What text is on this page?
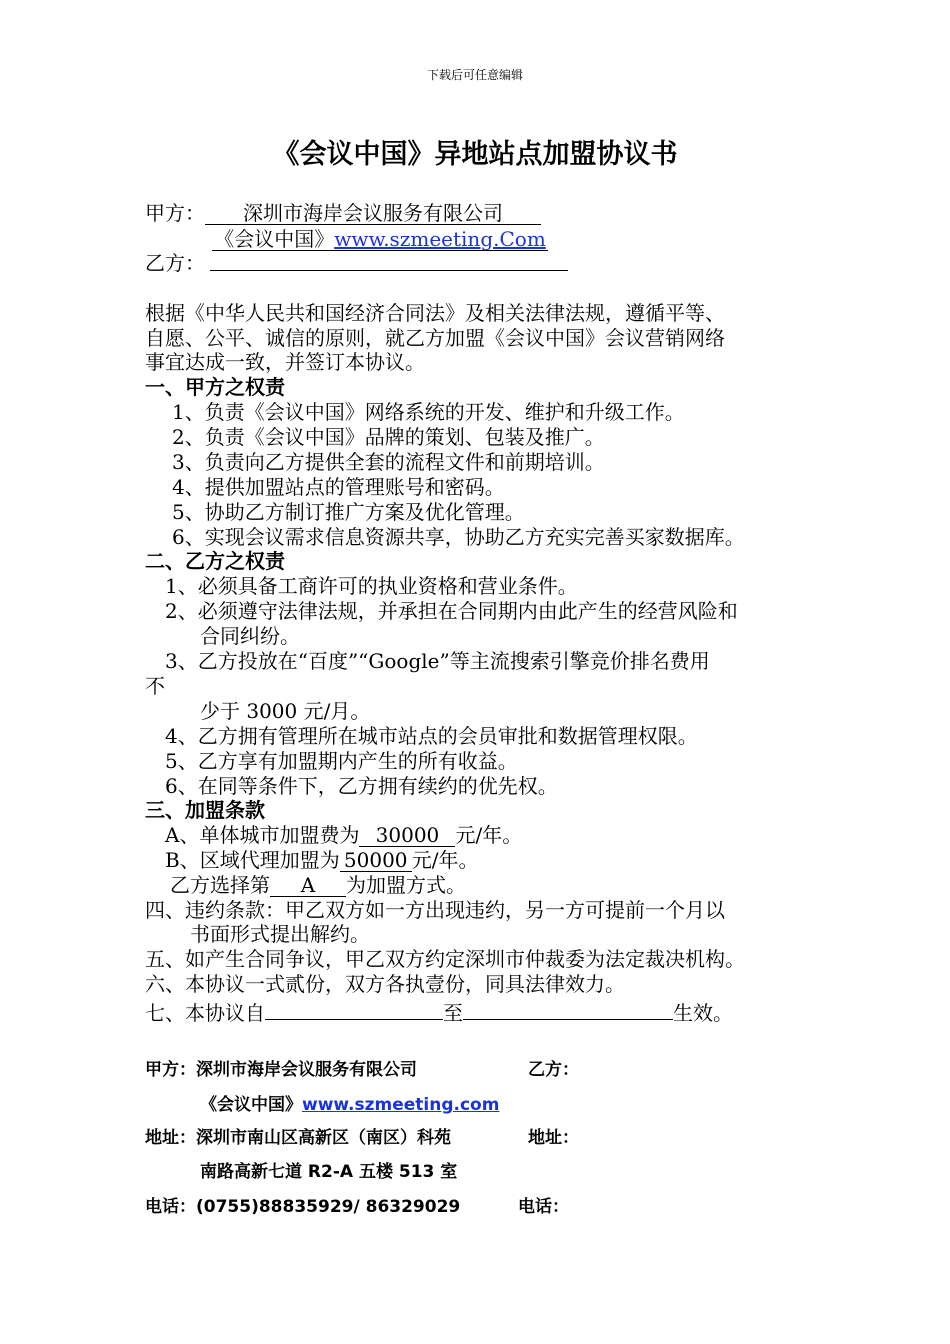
下载后可任意编辑
《会议中国》异地站点加盟协议书
甲方： 深圳市海岸会议服务有限公司
《会议中国》www.szmeeting.Com
乙方：
根据《中华人民共和国经济合同法》及相关法律法规，遵循平等、
自愿、公平、诚信的原则，就乙方加盟《会议中国》会议营销网络
事宜达成一致，并签订本协议。
一、甲方之权责
1、负责《会议中国》网络系统的开发、维护和升级工作。
2、负责《会议中国》品牌的策划、包装及推广。
3、负责向乙方提供全套的流程文件和前期培训。
4、提供加盟站点的管理账号和密码。
5、协助乙方制订推广方案及优化管理。
6、实现会议需求信息资源共享，协助乙方充实完善买家数据库。
二、乙方之权责
1、必须具备工商许可的执业资格和营业条件。
2、必须遵守法律法规，并承担在合同期内由此产生的经营风险和
合同纠纷。
3、乙方投放在“百度”“Google”等主流搜索引擎竞价排名费用
不
少于 3000 元/月。
4、乙方拥有管理所在城市站点的会员审批和数据管理权限。
5、乙方享有加盟期内产生的所有收益。
6、在同等条件下，乙方拥有续约的优先权。
三、加盟条款
A、单体城市加盟费为 30000 元/年。
B、区域代理加盟为 50000 元/年。
乙方选择第 A 为加盟方式。
四、违约条款：甲乙双方如一方出现违约，另一方可提前一个月以
书面形式提出解约。
五、如产生合同争议，甲乙双方约定深圳市仲裁委为法定裁决机构。
六、本协议一式贰份，双方各执壹份，同具法律效力。
七、本协议自	至	生效。
甲方：深圳市海岸会议服务有限公司	乙方：
《会议中国》www.szmeeting.com
地址：深圳市南山区高新区（南区）科苑	地址：
南路高新七道 R2-A 五楼 513 室
电话：(0755)88835929/ 86329029	电话：
